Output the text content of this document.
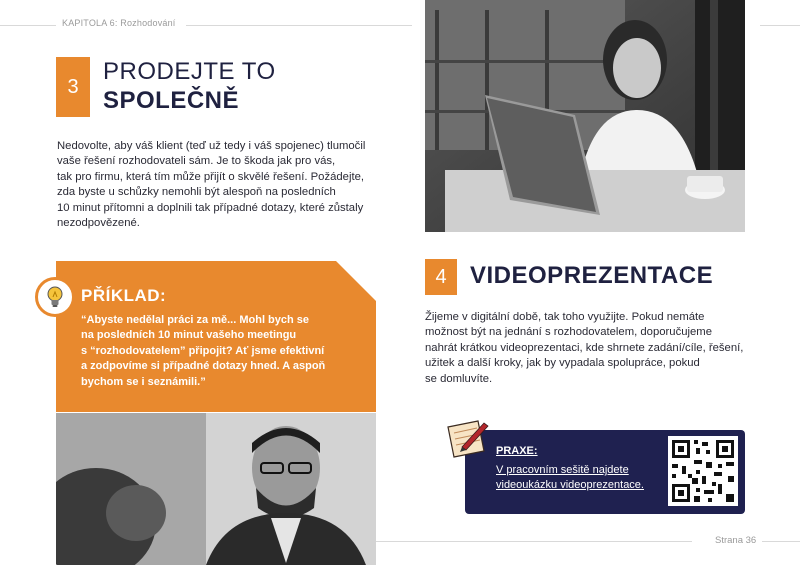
KAPITOLA 6: Rozhodování
3
PRODEJTE TO
SPOLEČNĚ
Nedovolte, aby váš klient (teď už tedy i váš spojenec) tlumočil
vaše řešení rozhodovateli sám. Je to škoda jak pro vás,
tak pro firmu, která tím může přijít o skvělé řešení. Požádejte,
zda byste u schůzky nemohli být alespoň na posledních
10 minut přítomni a doplnili tak případné dotazy, které zůstaly
nezodpovězené.
PŘÍKLAD:
“Abyste nedělal práci za mě... Mohl bych se
na posledních 10 minut vašeho meetingu
s “rozhodovatelem” připojit? Ať jsme efektivní
a zodpovíme si případné dotazy hned. A aspoň
bychom se i seznámili.”
4 VIDEOPREZENTACE
Žijeme v digitální době, tak toho využijte. Pokud nemáte
možnost být na jednání s rozhodovatelem, doporučujeme
nahrát krátkou videoprezentaci, kde shrnete zadání/cíle, řešení,
užitek a další kroky, jak by vypadala spolupráce, pokud
se domluvíte.
PRAXE:
V pracovním sešitě najdete
videoukázku videoprezentace.
Strana 36
